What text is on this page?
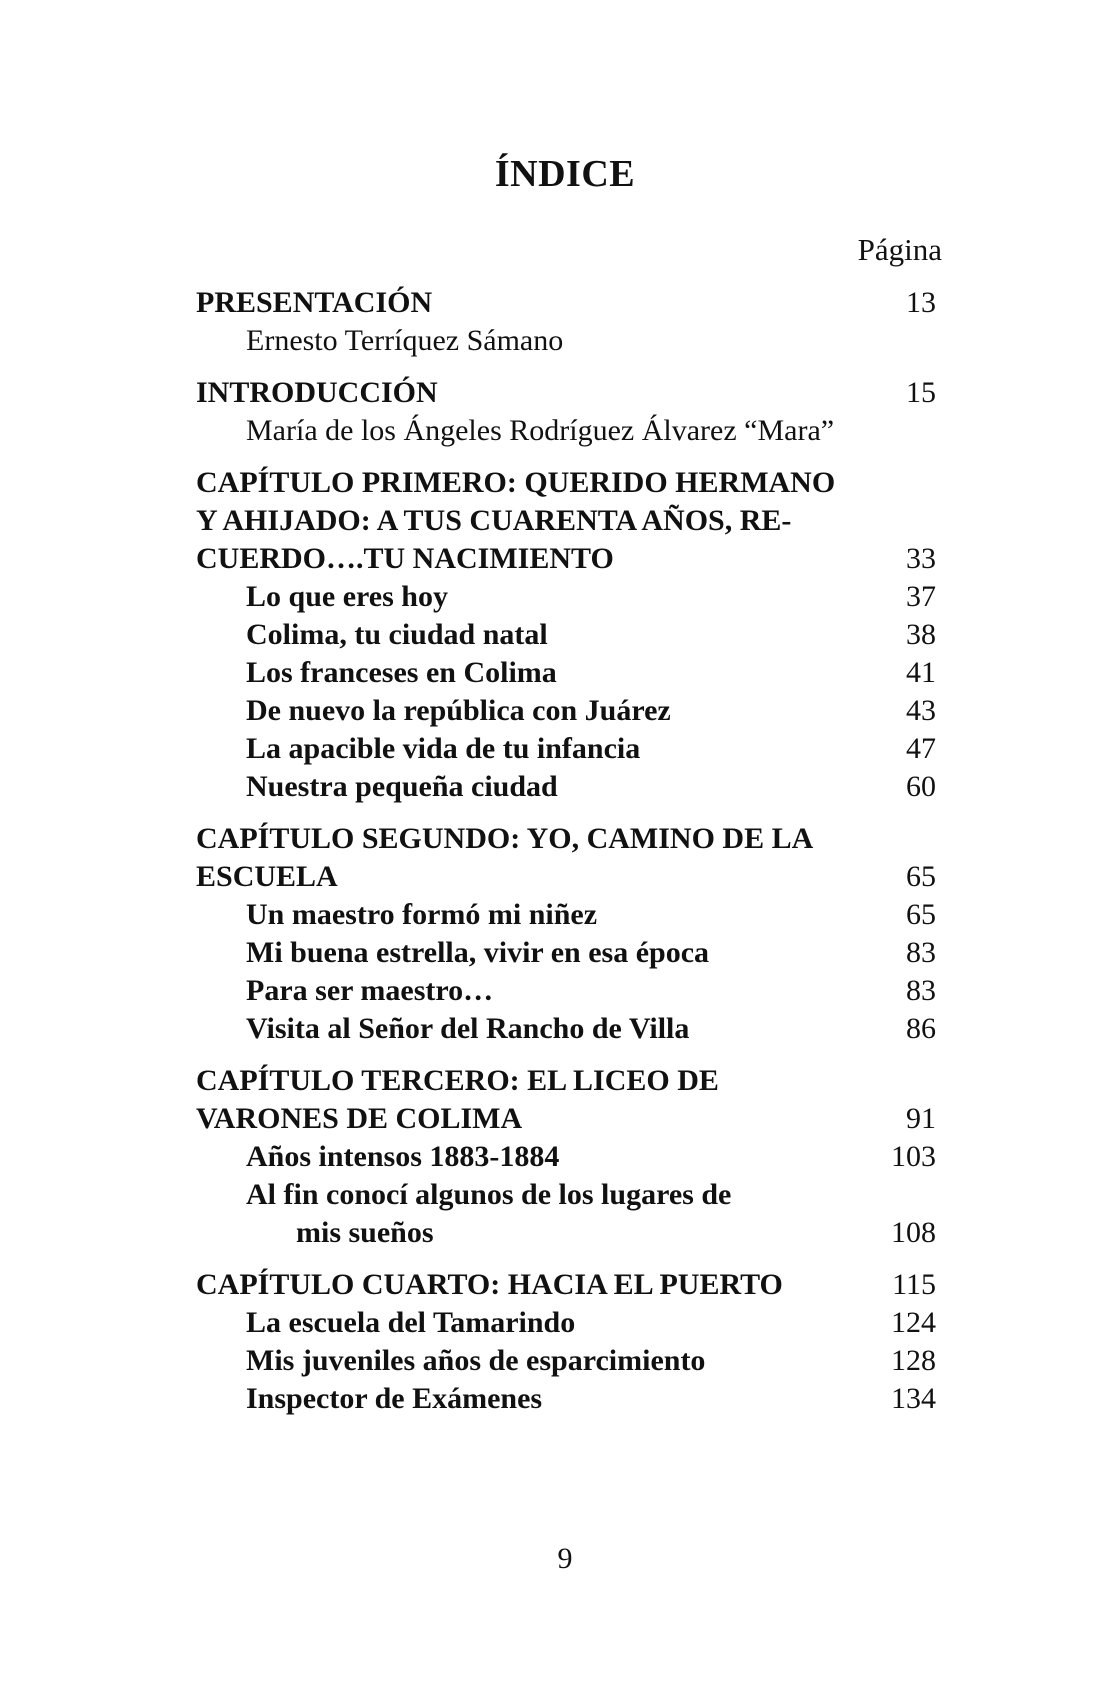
ÍNDICE
Página
PRESENTACIÓN	13
Ernesto Terríquez Sámano
INTRODUCCIÓN	15
María de los Ángeles Rodríguez Álvarez “Mara”
CAPÍTULO PRIMERO: QUERIDO HERMANO
Y AHIJADO: A TUS CUARENTA AÑOS, RE-
CUERDO….TU NACIMIENTO	33
Lo que eres hoy	37
Colima, tu ciudad natal	38
Los franceses en Colima	41
De nuevo la república con Juárez	43
La apacible vida de tu infancia	47
Nuestra pequeña ciudad	60
CAPÍTULO SEGUNDO: YO, CAMINO DE LA
ESCUELA	65
Un maestro formó mi niñez	65
Mi buena estrella, vivir en esa época	83
Para ser maestro…	83
Visita al Señor del Rancho de Villa	86
CAPÍTULO TERCERO: EL LICEO DE
VARONES DE COLIMA	91
Años intensos 1883-1884	103
Al fin conocí algunos de los lugares de
mis sueños	108
CAPÍTULO CUARTO: HACIA EL PUERTO	115
La escuela del Tamarindo	124
Mis juveniles años de esparcimiento	128
Inspector de Exámenes	134
9
